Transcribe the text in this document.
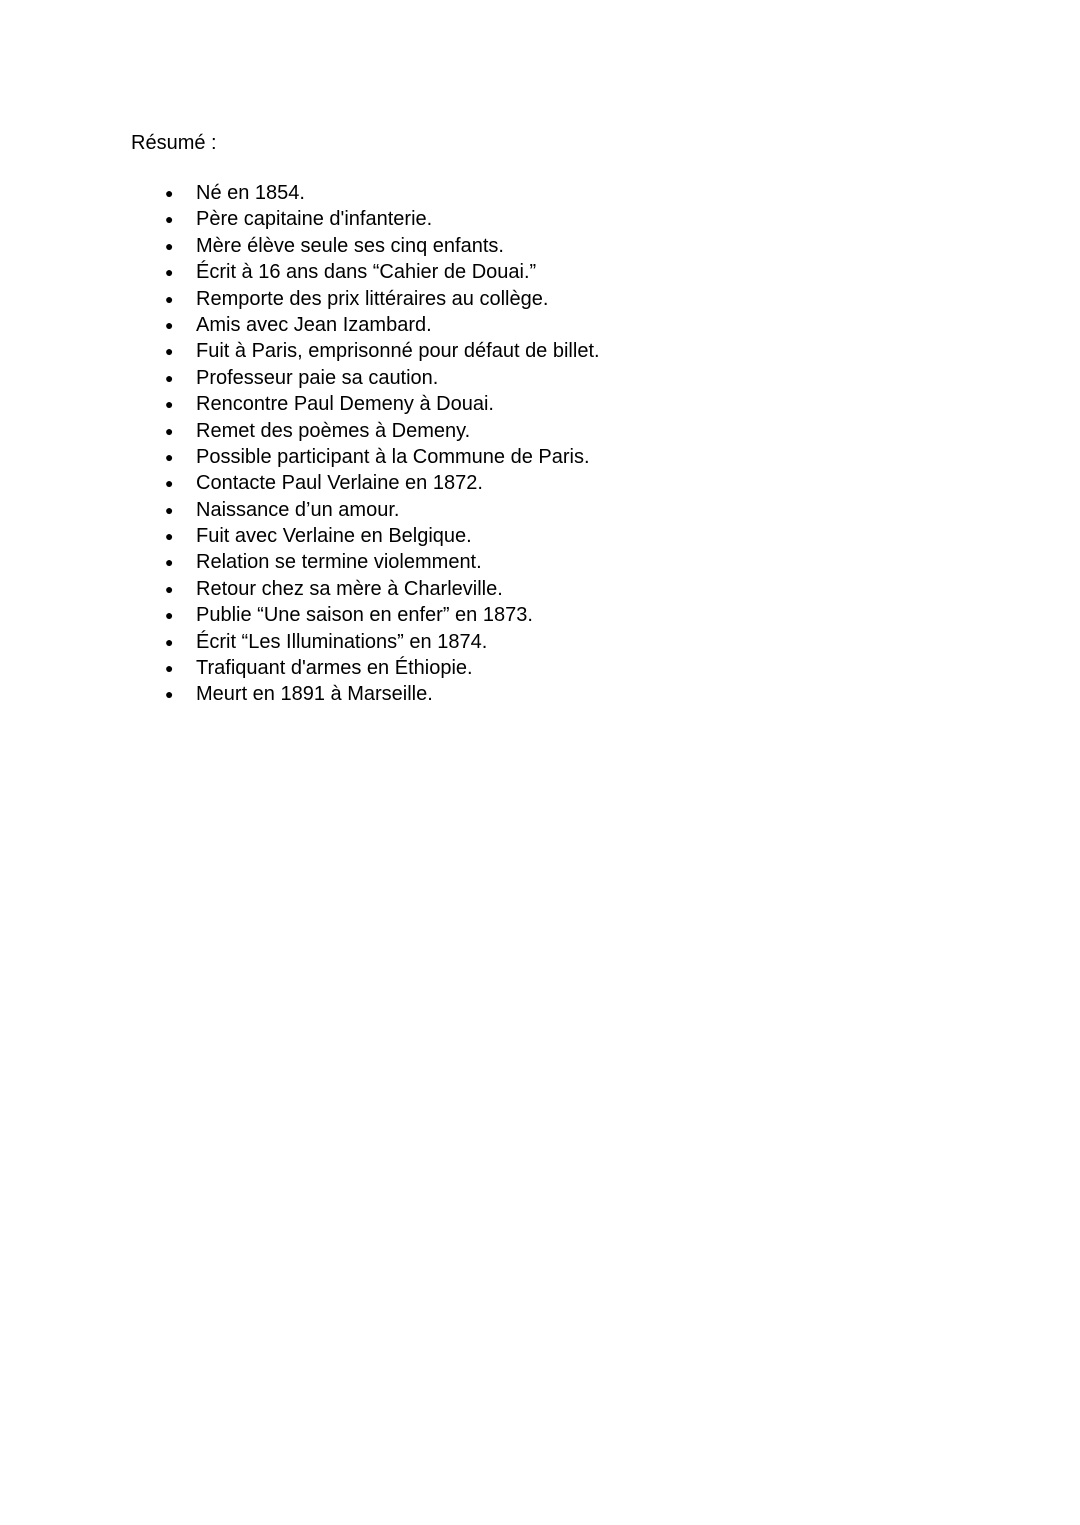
Résumé :

● Né en 1854.
● Père capitaine d'infanterie.
● Mère élève seule ses cinq enfants.
● Écrit à 16 ans dans “Cahier de Douai.”
● Remporte des prix littéraires au collège.
● Amis avec Jean Izambard.
● Fuit à Paris, emprisonné pour défaut de billet.
● Professeur paie sa caution.
● Rencontre Paul Demeny à Douai.
● Remet des poèmes à Demeny.
● Possible participant à la Commune de Paris.
● Contacte Paul Verlaine en 1872.
● Naissance d’un amour.
● Fuit avec Verlaine en Belgique.
● Relation se termine violemment.
● Retour chez sa mère à Charleville.
● Publie “Une saison en enfer” en 1873.
● Écrit “Les Illuminations” en 1874.
● Trafiquant d'armes en Éthiopie.
● Meurt en 1891 à Marseille.
